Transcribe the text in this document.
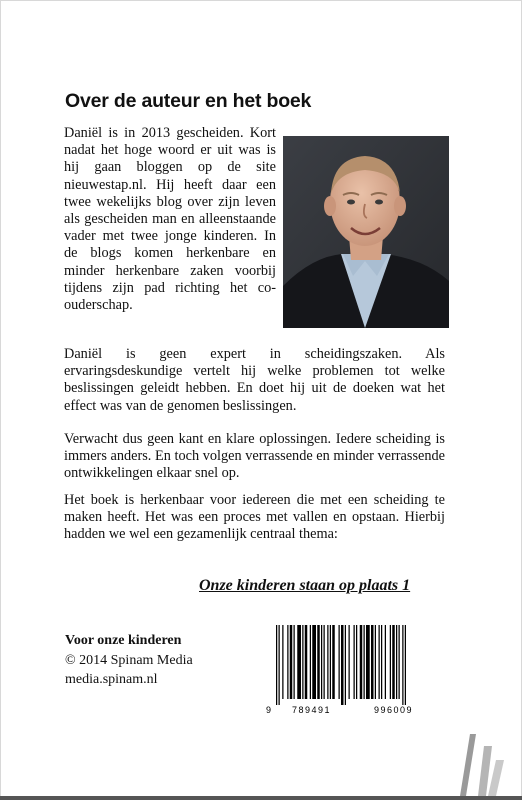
Over de auteur en het boek

Daniël is in 2013 gescheiden. Kort nadat het hoge woord er uit was is hij gaan bloggen op de site nieuwestap.nl. Hij heeft daar een twee wekelijks blog over zijn leven als gescheiden man en alleenstaande vader met twee jonge kinderen. In de blogs komen herkenbare en minder herkenbare zaken voorbij tijdens zijn pad richting het co-ouderschap.

Daniël is geen expert in scheidingszaken. Als ervaringsdeskundige vertelt hij welke problemen tot welke beslissingen geleidt hebben. En doet hij uit de doeken wat het effect was van de genomen beslissingen.

Verwacht dus geen kant en klare oplossingen. Iedere scheiding is immers anders. En toch volgen verrassende en minder verrassende ontwikkelingen elkaar snel op.

Het boek is herkenbaar voor iedereen die met een scheiding te maken heeft. Het was een proces met vallen en opstaan. Hierbij hadden we wel een gezamenlijk centraal thema:

Onze kinderen staan op plaats 1
Voor onze kinderen
© 2014 Spinam Media
media.spinam.nl
9 789491	996009
